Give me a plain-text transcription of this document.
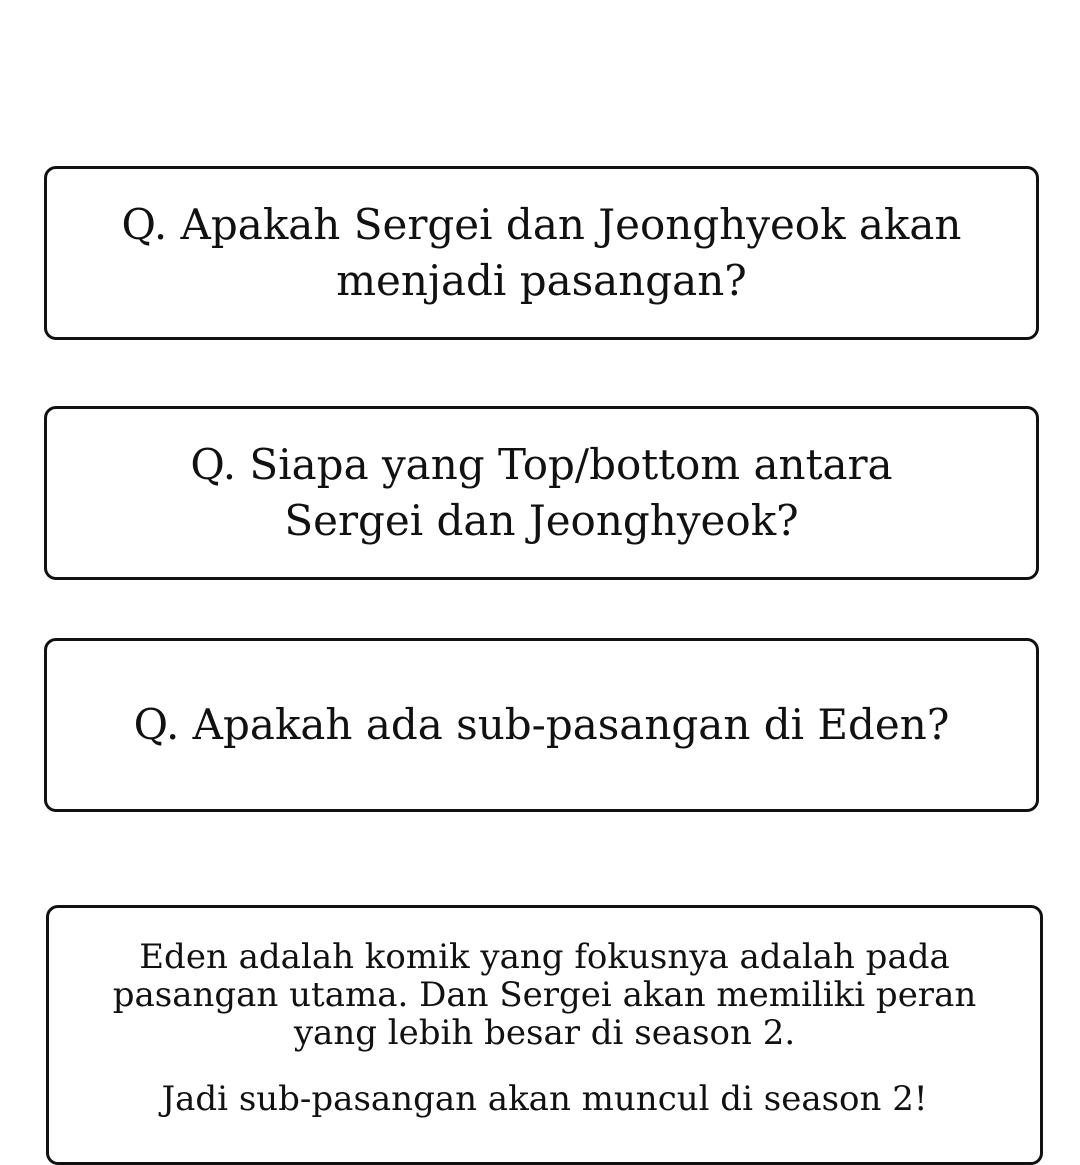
Q. Apakah Sergei dan Jeonghyeok akan
menjadi pasangan?
Q. Siapa yang Top/bottom antara
Sergei dan Jeonghyeok?
Q. Apakah ada sub-pasangan di Eden?

Eden adalah komik yang fokusnya adalah pada
pasangan utama. Dan Sergei akan memiliki peran
yang lebih besar di season 2.

Jadi sub-pasangan akan muncul di season 2!
